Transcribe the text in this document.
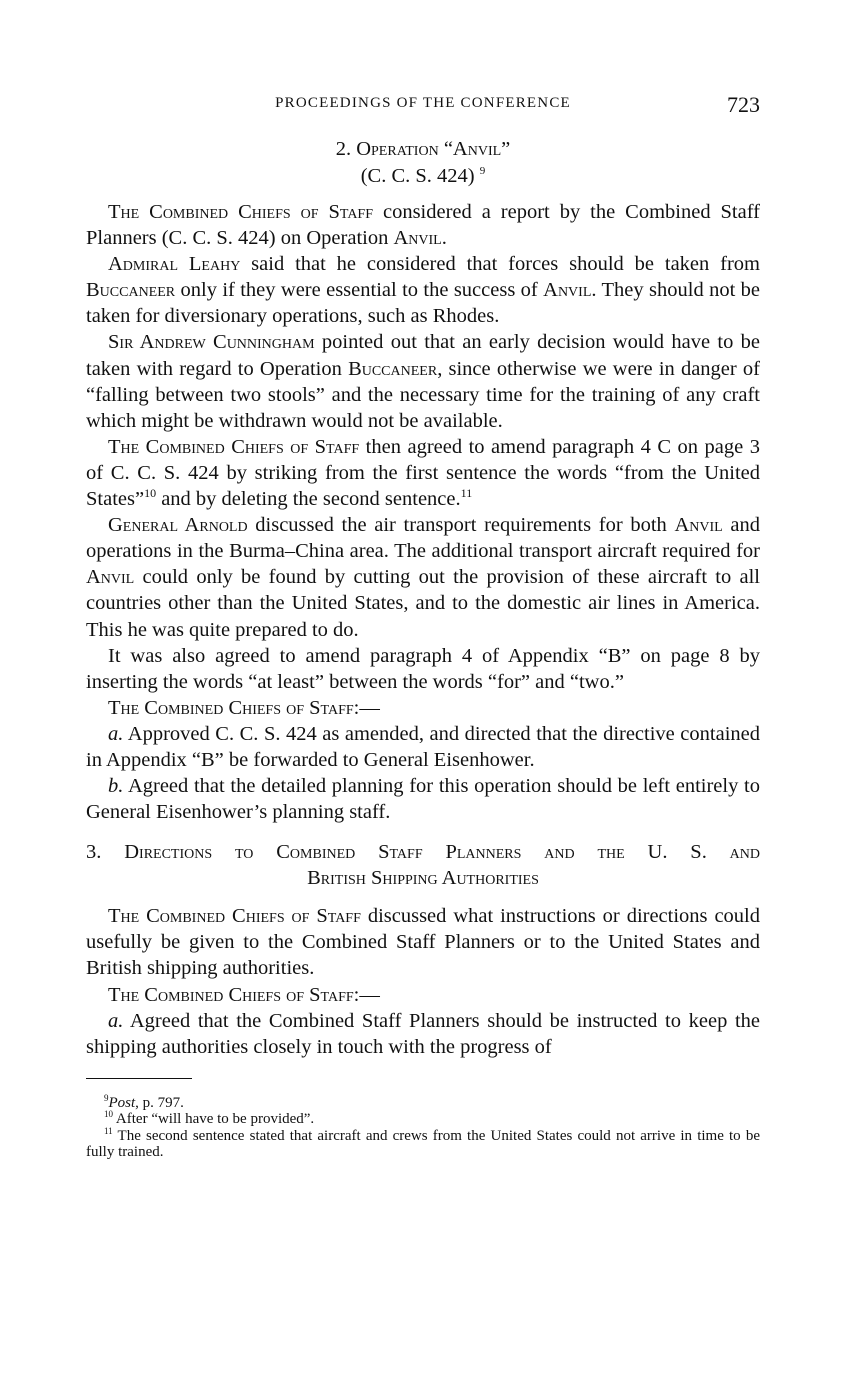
PROCEEDINGS OF THE CONFERENCE	723
2. Operation “Anvil”
(C. C. S. 424) $^9$

The Combined Chiefs of Staff considered a report by the Combined Staff Planners (C. C. S. 424) on Operation Anvil.

Admiral Leahy said that he considered that forces should be taken from Buccaneer only if they were essential to the success of Anvil. They should not be taken for diversionary operations, such as Rhodes.

Sir Andrew Cunningham pointed out that an early decision would have to be taken with regard to Operation Buccaneer, since otherwise we were in danger of “falling between two stools” and the necessary time for the training of any craft which might be withdrawn would not be available.

The Combined Chiefs of Staff then agreed to amend paragraph 4 C on page 3 of C. C. S. 424 by striking from the first sentence the words “from the United States”$^{10}$ and by deleting the second sentence.$^{11}$

General Arnold discussed the air transport requirements for both Anvil and operations in the Burma–China area. The additional transport aircraft required for Anvil could only be found by cutting out the provision of these aircraft to all countries other than the United States, and to the domestic air lines in America. This he was quite prepared to do.

It was also agreed to amend paragraph 4 of Appendix “B” on page 8 by inserting the words “at least” between the words “for” and “two.”

The Combined Chiefs of Staff:—

a. Approved C. C. S. 424 as amended, and directed that the directive contained in Appendix “B” be forwarded to General Eisenhower.

b. Agreed that the detailed planning for this operation should be left entirely to General Eisenhower’s planning staff.

3. Directions to Combined Staff Planners and the U. S. and
British Shipping Authorities

The Combined Chiefs of Staff discussed what instructions or directions could usefully be given to the Combined Staff Planners or to the United States and British shipping authorities.

The Combined Chiefs of Staff:—

a. Agreed that the Combined Staff Planners should be instructed to keep the shipping authorities closely in touch with the progress of

$^9$Post, p. 797.
$^{10}$ After “will have to be provided”.
$^{11}$ The second sentence stated that aircraft and crews from the United States could not arrive in time to be fully trained.
